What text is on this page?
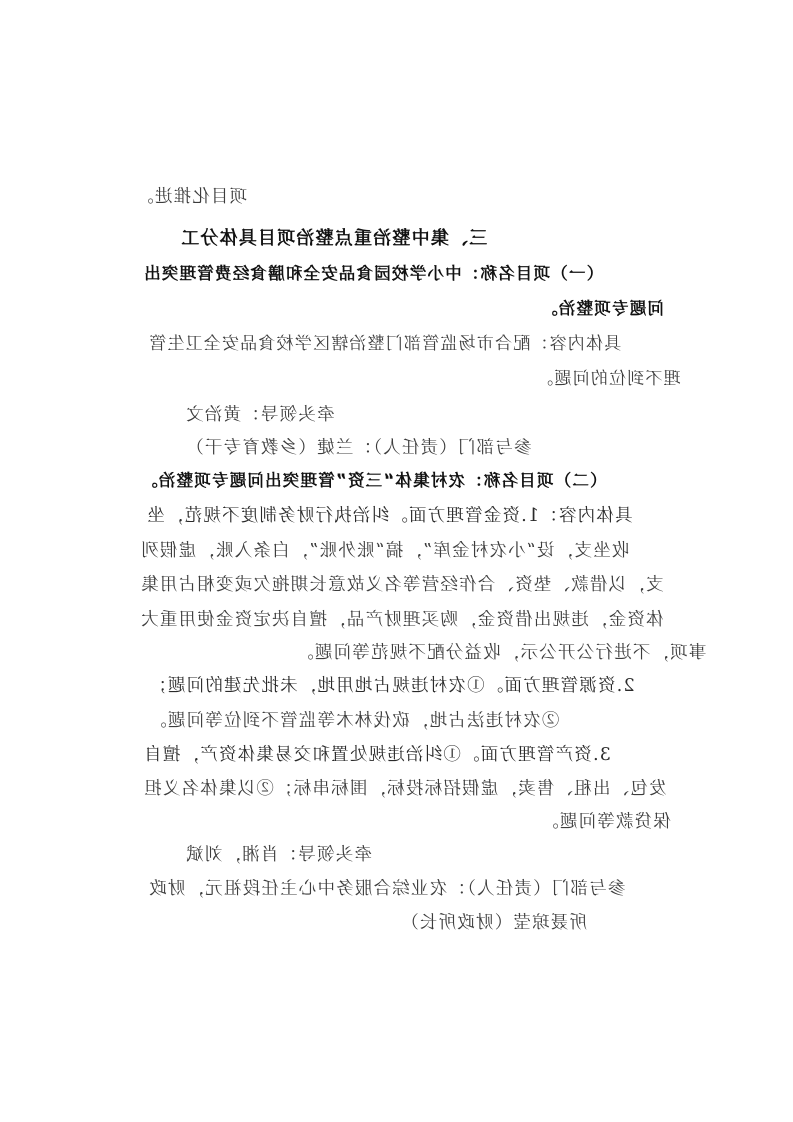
项目化推进。
三、集中整治重点整治项目具体分工
（一）项目名称：中小学校园食品安全和膳食经费管理突出
问题专项整治。
具体内容：配合市场监管部门整治辖区学校食品安全卫生管
理不到位的问题。
牵头领导：黄治文
参与部门（责任人）：兰婕（乡教育专干）
（二）项目名称：农村集体“三资”管理突出问题专项整治。
具体内容：1.资金管理方面。纠治执行财务制度不规范，坐
收坐支，设“小农村金库”，搞“账外账”，白条入账，虚假列
支，以借款、垫资、合作经营等名义故意长期拖欠或变相占用集
体资金，违规出借资金，购买理财产品，擅自决定资金使用重大
事项，不进行公开公示，收益分配不规范等问题。
2.资源管理方面。①农村违规占地用地，未批先建的问题；
②农村违法占地，砍伐林木等监管不到位等问题。
3.资产管理方面。①纠治违规处置和交易集体资产，擅自
发包、出租、售卖，虚假招标投标，围标串标；②以集体名义担
保贷款等问题。
牵头领导：肖湘，刘斌
参与部门（责任人）：农业综合服务中心主任段祖元，财政
所聂琼莹（财政所长）
